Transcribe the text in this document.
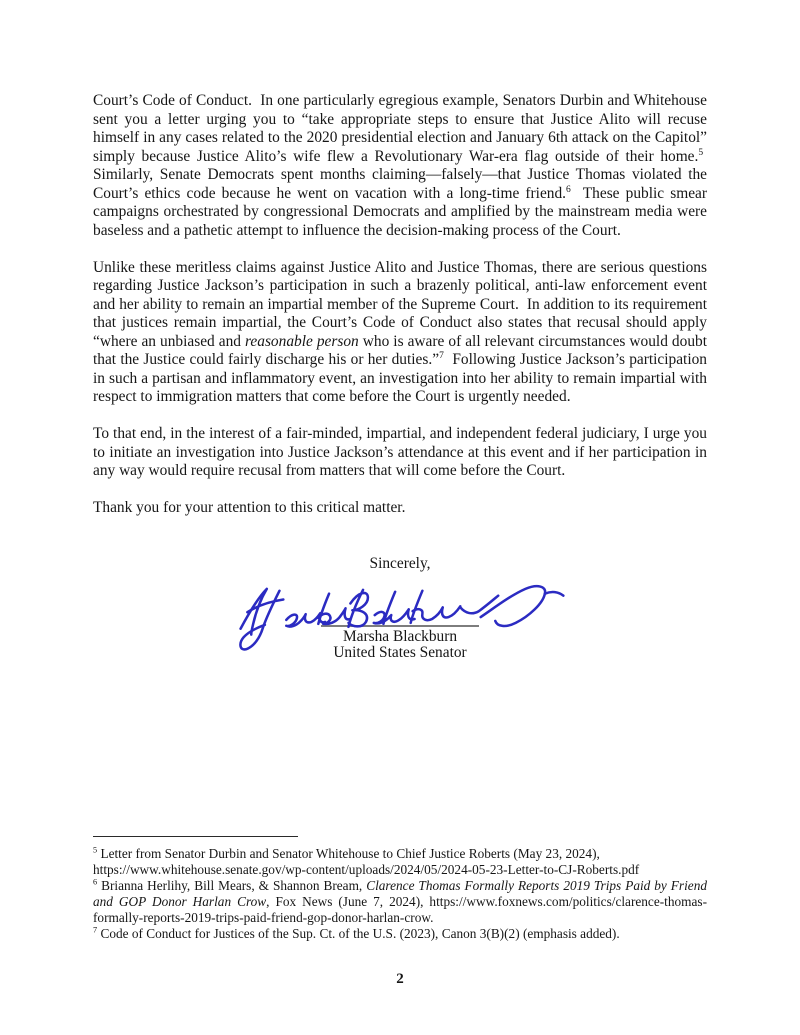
Court’s Code of Conduct.  In one particularly egregious example, Senators Durbin and Whitehouse sent you a letter urging you to “take appropriate steps to ensure that Justice Alito will recuse himself in any cases related to the 2020 presidential election and January 6th attack on the Capitol” simply because Justice Alito’s wife flew a Revolutionary War-era flag outside of their home.$^5$  Similarly, Senate Democrats spent months claiming—falsely—that Justice Thomas violated the Court’s ethics code because he went on vacation with a long-time friend.$^6$  These public smear campaigns orchestrated by congressional Democrats and amplified by the mainstream media were baseless and a pathetic attempt to influence the decision-making process of the Court.

Unlike these meritless claims against Justice Alito and Justice Thomas, there are serious questions regarding Justice Jackson’s participation in such a brazenly political, anti-law enforcement event and her ability to remain an impartial member of the Supreme Court.  In addition to its requirement that justices remain impartial, the Court’s Code of Conduct also states that recusal should apply “where an unbiased and reasonable person who is aware of all relevant circumstances would doubt that the Justice could fairly discharge his or her duties.”$^7$  Following Justice Jackson’s participation in such a partisan and inflammatory event, an investigation into her ability to remain impartial with respect to immigration matters that come before the Court is urgently needed.

To that end, in the interest of a fair-minded, impartial, and independent federal judiciary, I urge you to initiate an investigation into Justice Jackson’s attendance at this event and if her participation in any way would require recusal from matters that will come before the Court.

Thank you for your attention to this critical matter.

Sincerely,

Marsha Blackburn

United States Senator

$^5$ Letter from Senator Durbin and Senator Whitehouse to Chief Justice Roberts (May 23, 2024),
https://www.whitehouse.senate.gov/wp-content/uploads/2024/05/2024-05-23-Letter-to-CJ-Roberts.pdf

$^6$ Brianna Herlihy, Bill Mears, & Shannon Bream, Clarence Thomas Formally Reports 2019 Trips Paid by Friend and GOP Donor Harlan Crow, Fox News (June 7, 2024), https://www.foxnews.com/politics/clarence-thomas-formally-reports-2019-trips-paid-friend-gop-donor-harlan-crow.

$^7$ Code of Conduct for Justices of the Sup. Ct. of the U.S. (2023), Canon 3(B)(2) (emphasis added).

2
